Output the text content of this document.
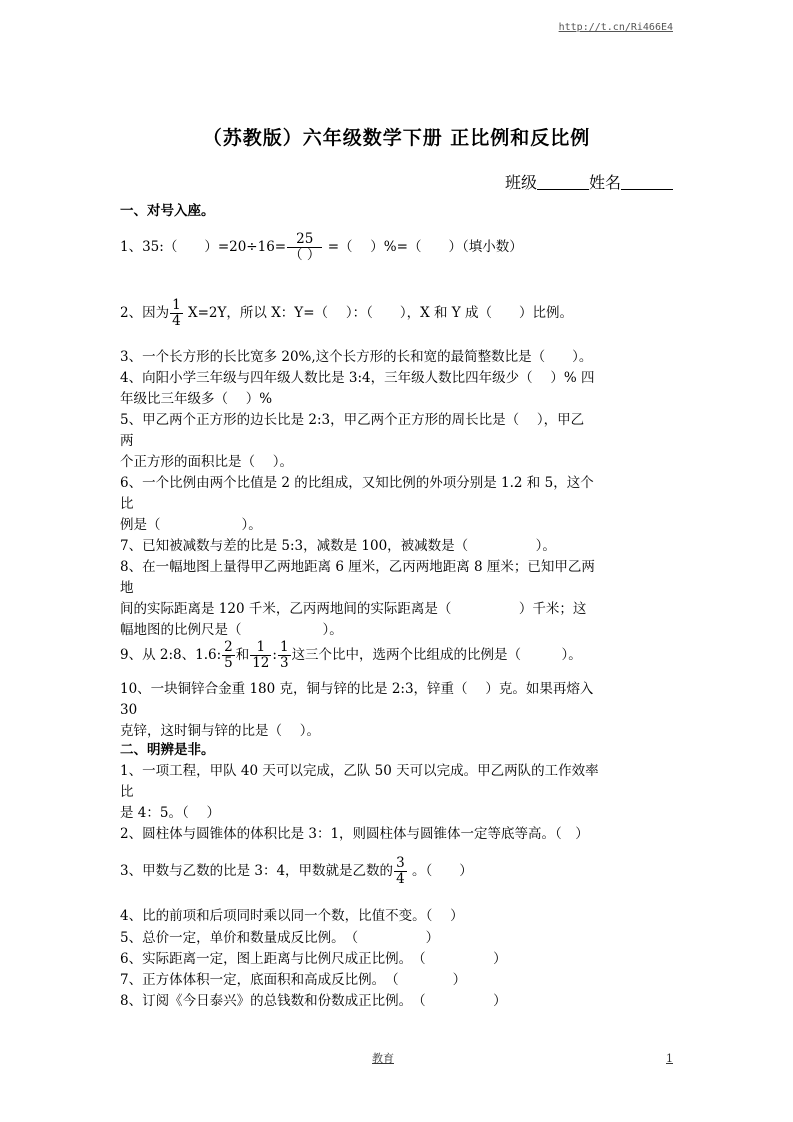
http://t.cn/Ri466E4
（苏教版）六年级数学下册 正比例和反比例
班级	姓名
一、对号入座。
1、35:（　　）$=20\div 16= \frac{25}{( )}$ =（　 ）%=（　　）（填小数）
2、因为 $\frac{1}{4} X=2Y$，所以 X：Y=（　 ）：（　　），X 和 Y 成（　　）比例。
3、一个长方形的长比宽多 20%,这个长方形的长和宽的最简整数比是（　　）。
4、向阳小学三年级与四年级人数比是 3:4，三年级人数比四年级少（　 ）% 四
年级比三年级多（　 ）%
5、甲乙两个正方形的边长比是 2:3，甲乙两个正方形的周长比是（　 ），甲乙
两
个正方形的面积比是（　 ）。
6、一个比例由两个比值是 2 的比组成，又知比例的外项分别是 1.2 和 5，这个
比
例是（　　　　　　）。
7、已知被减数与差的比是 5:3，减数是 100，被减数是（　　　　　）。
8、在一幅地图上量得甲乙两地距离 6 厘米，乙丙两地距离 8 厘米；已知甲乙两
地
间的实际距离是 120 千米，乙丙两地间的实际距离是（　　　　　）千米；这
幅地图的比例尺是（　　　　　　）。
9、从 2:8、1.6: $\frac{2}{5}$ 和 $\frac{1}{12}$ : $\frac{1}{3}$ 这三个比中，选两个比组成的比例是（　　　）。
10、一块铜锌合金重 180 克，铜与锌的比是 2:3，锌重（　 ）克。如果再熔入
30
克锌，这时铜与锌的比是（　 ）。
二、明辨是非。
1、一项工程，甲队 40 天可以完成，乙队 50 天可以完成。甲乙两队的工作效率
比
是 4：5。（　 ）
2、圆柱体与圆锥体的体积比是 3：1，则圆柱体与圆锥体一定等底等高。（　）
3、甲数与乙数的比是 3：4，甲数就是乙数的 $\frac{3}{4}$ 。（　　）
4、比的前项和后项同时乘以同一个数，比值不变。（　 ）
5、总价一定，单价和数量成反比例。　（　　　　　）
6、实际距离一定，图上距离与比例尺成正比例。　（　　　　　）
7、正方体体积一定，底面积和高成反比例。　（　　　　）
8、订阅《今日泰兴》的总钱数和份数成正比例。　（　　　　　）
教育	1
